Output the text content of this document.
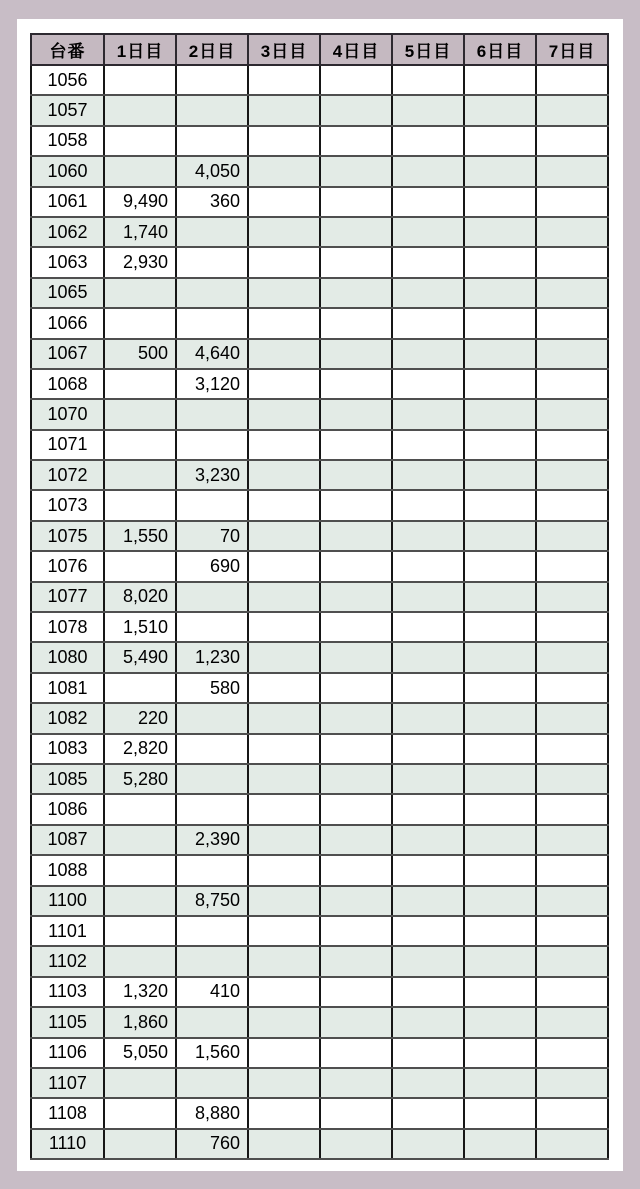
台番	1日目	2日目	3日目	4日目	5日目	6日目	7日目
1056							
1057							
1058							
1060		4,050					
1061	9,490	360					
1062	1,740						
1063	2,930						
1065							
1066							
1067	500	4,640					
1068		3,120					
1070							
1071							
1072		3,230					
1073							
1075	1,550	70					
1076		690					
1077	8,020						
1078	1,510						
1080	5,490	1,230					
1081		580					
1082	220						
1083	2,820						
1085	5,280						
1086							
1087		2,390					
1088							
1100		8,750					
1101							
1102							
1103	1,320	410					
1105	1,860						
1106	5,050	1,560					
1107							
1108		8,880					
1110		760					
